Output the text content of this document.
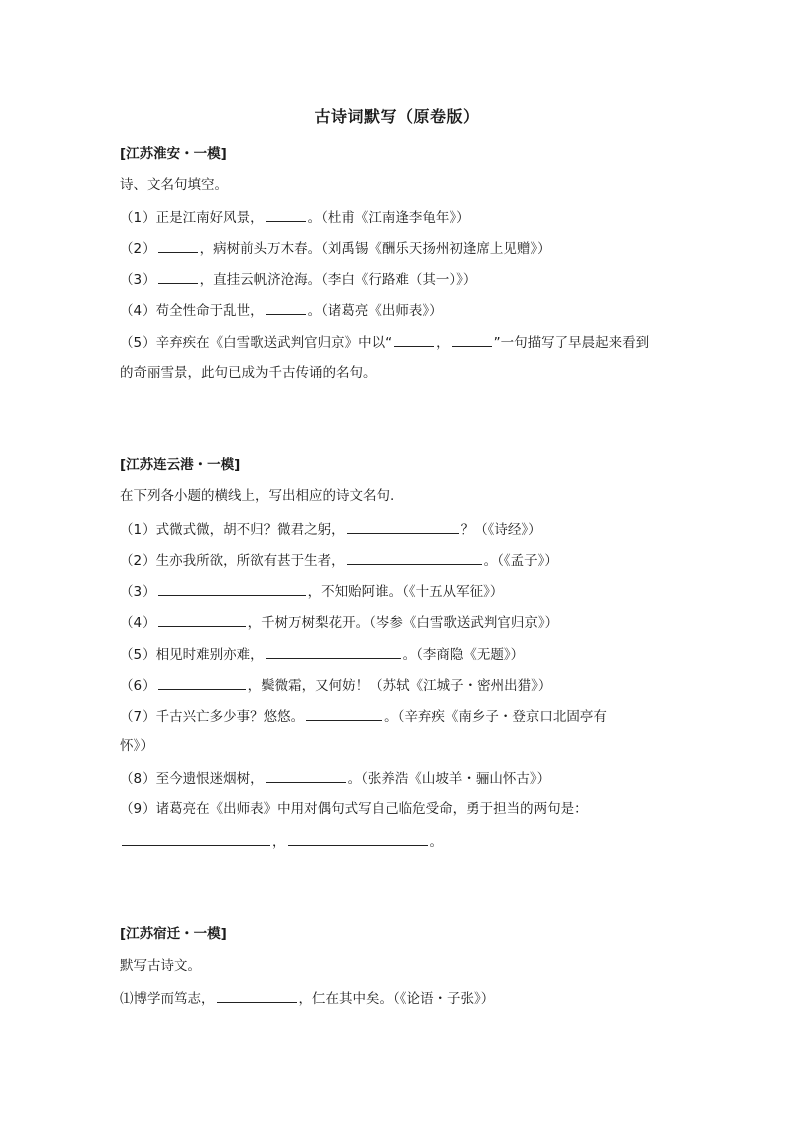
古诗词默写（原卷版）
[江苏淮安・一模]
诗、文名句填空。
（1）正是江南好风景，	。（杜甫《江南逢李龟年》）
（2）	，病树前头万木春。（刘禹锡《酬乐天扬州初逢席上见赠》）
（3）	，直挂云帆济沧海。（李白《行路难（其一）》）
（4）苟全性命于乱世，	。（诸葛亮《出师表》）
（5）辛弃疾在《白雪歌送武判官归京》中以“	，	”一句描写了早晨起来看到
的奇丽雪景，此句已成为千古传诵的名句。
[江苏连云港・一模]
在下列各小题的横线上，写出相应的诗文名句.
（1）式微式微，胡不归？微君之躬，	？（《诗经》）
（2）生亦我所欲，所欲有甚于生者，	。（《孟子》）
（3）	，不知贻阿谁。（《十五从军征》）
（4）	，千树万树梨花开。（岑参《白雪歌送武判官归京》）
（5）相见时难别亦难，	。（李商隐《无题》）
（6）	，鬓微霜，又何妨！（苏轼《江城子・密州出猎》）
（7）千古兴亡多少事？悠悠。	。（辛弃疾《南乡子・登京口北固亭有
怀》）
（8）至今遗恨迷烟树，	。（张养浩《山坡羊・骊山怀古》）
（9）诸葛亮在《出师表》中用对偶句式写自己临危受命，勇于担当的两句是：
，	。
[江苏宿迁・一模]
默写古诗文。
⑴博学而笃志，	，仁在其中矣。（《论语・子张》）
